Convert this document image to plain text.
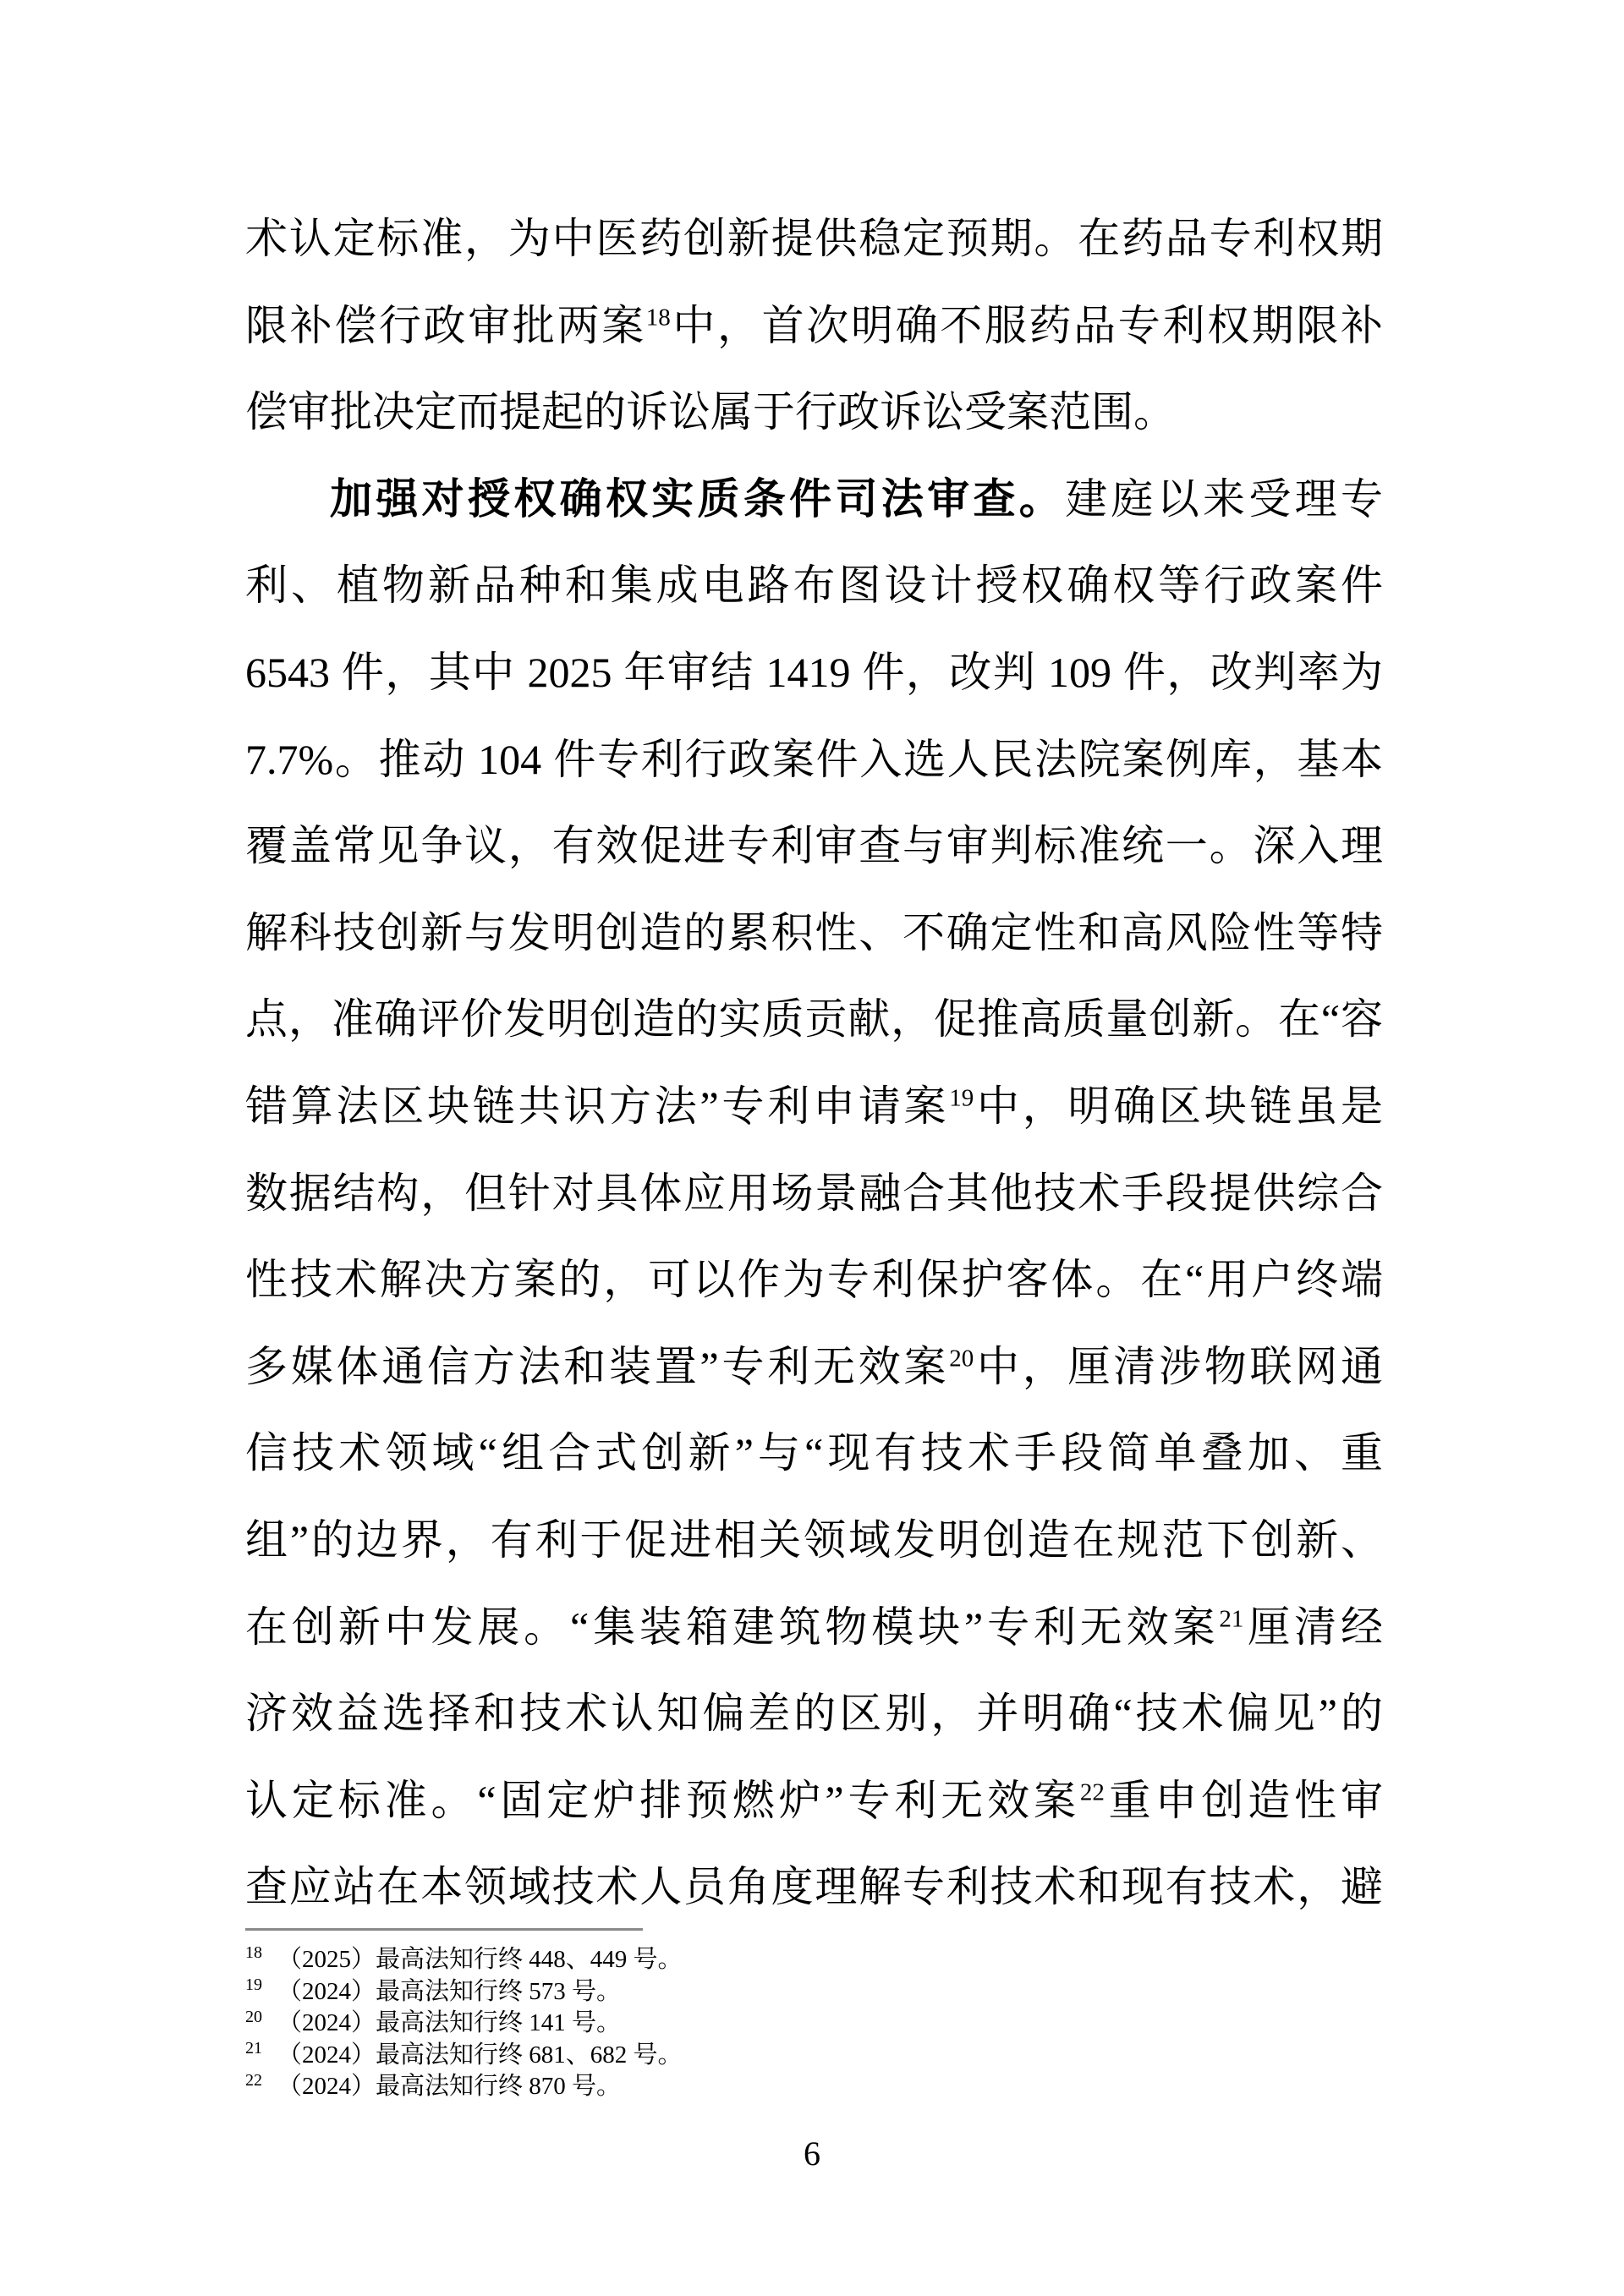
术认定标准，为中医药创新提供稳定预期。在药品专利权期
限补偿行政审批两案$^{18}$中，首次明确不服药品专利权期限补
偿审批决定而提起的诉讼属于行政诉讼受案范围。
加强对授权确权实质条件司法审查。建庭以来受理专
利、植物新品种和集成电路布图设计授权确权等行政案件
6543 件，其中 2025 年审结 1419 件，改判 109 件，改判率为
7.7%。推动 104 件专利行政案件入选人民法院案例库，基本
覆盖常见争议，有效促进专利审查与审判标准统一。深入理
解科技创新与发明创造的累积性、不确定性和高风险性等特
点，准确评价发明创造的实质贡献，促推高质量创新。在“容
错算法区块链共识方法”专利申请案$^{19}$中，明确区块链虽是
数据结构，但针对具体应用场景融合其他技术手段提供综合
性技术解决方案的，可以作为专利保护客体。在“用户终端
多媒体通信方法和装置”专利无效案$^{20}$中，厘清涉物联网通
信技术领域“组合式创新”与“现有技术手段简单叠加、重
组”的边界，有利于促进相关领域发明创造在规范下创新、
在创新中发展。“集装箱建筑物模块”专利无效案$^{21}$厘清经
济效益选择和技术认知偏差的区别，并明确“技术偏见”的
认定标准。“固定炉排预燃炉”专利无效案$^{22}$重申创造性审
查应站在本领域技术人员角度理解专利技术和现有技术，避
$^{18}$ （2025）最高法知行终 448、449 号。
$^{19}$ （2024）最高法知行终 573 号。
$^{20}$ （2024）最高法知行终 141 号。
$^{21}$ （2024）最高法知行终 681、682 号。
$^{22}$ （2024）最高法知行终 870 号。
6
